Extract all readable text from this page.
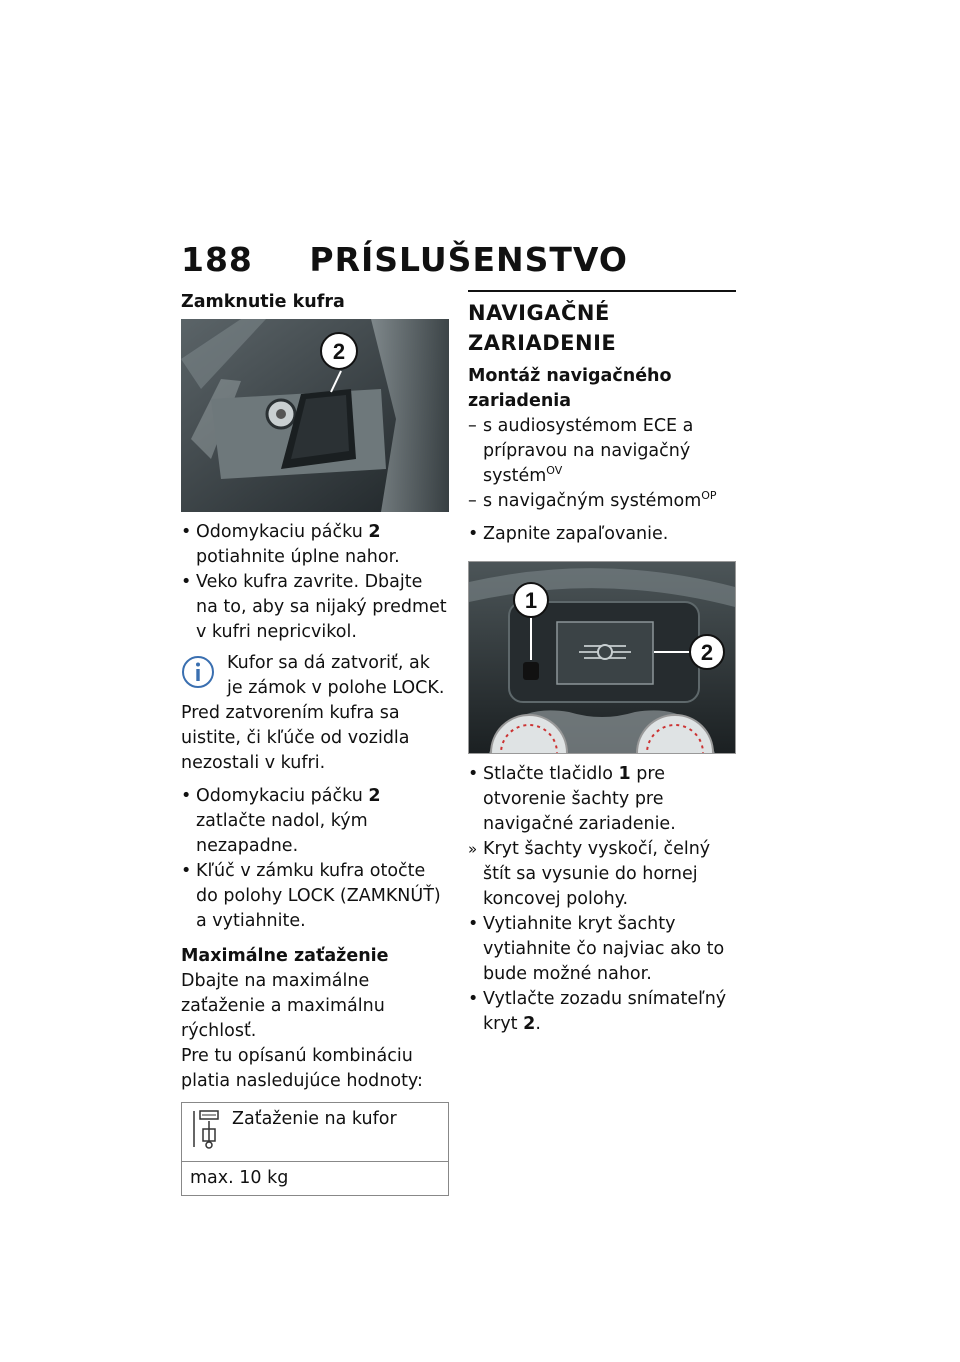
188 PRÍSLUŠENSTVO
Zamknutie kufra
2
• Odomykaciu páčku 2 potiahnite úplne nahor.
• Veko kufra zavrite. Dbajte na to, aby sa nijaký predmet v kufri nepricvikol.

Kufor sa dá zatvoriť, ak je zámok v polohe LOCK.

Pred zatvorením kufra sa uistite, či kľúče od vozidla nezostali v kufri.

• Odomykaciu páčku 2 zatlačte nadol, kým nezapadne.
• Kľúč v zámku kufra otočte do polohy LOCK (ZAMKNÚŤ) a vytiahnite.
Maximálne zaťaženie

Dbajte na maximálne zaťaženie a maximálnu rýchlosť.

Pre tu opísanú kombináciu platia nasledujúce hodnoty:

Zaťaženie na kufor
max. 10 kg
NAVIGAČNÉ ZARIADENIE
Montáž navigačného zariadenia
– s audiosystémom ECE a prípravou na navigačný systém$^{OV}$
– s navigačným systémom$^{OP}$
• Zapnite zapaľovanie.
1
2
• Stlačte tlačidlo 1 pre otvorenie šachty pre navigačné zariadenie.
» Kryt šachty vyskočí, čelný štít sa vysunie do hornej koncovej polohy.
• Vytiahnite kryt šachty vytiahnite čo najviac ako to bude možné nahor.
• Vytlačte zozadu snímateľný kryt 2.
